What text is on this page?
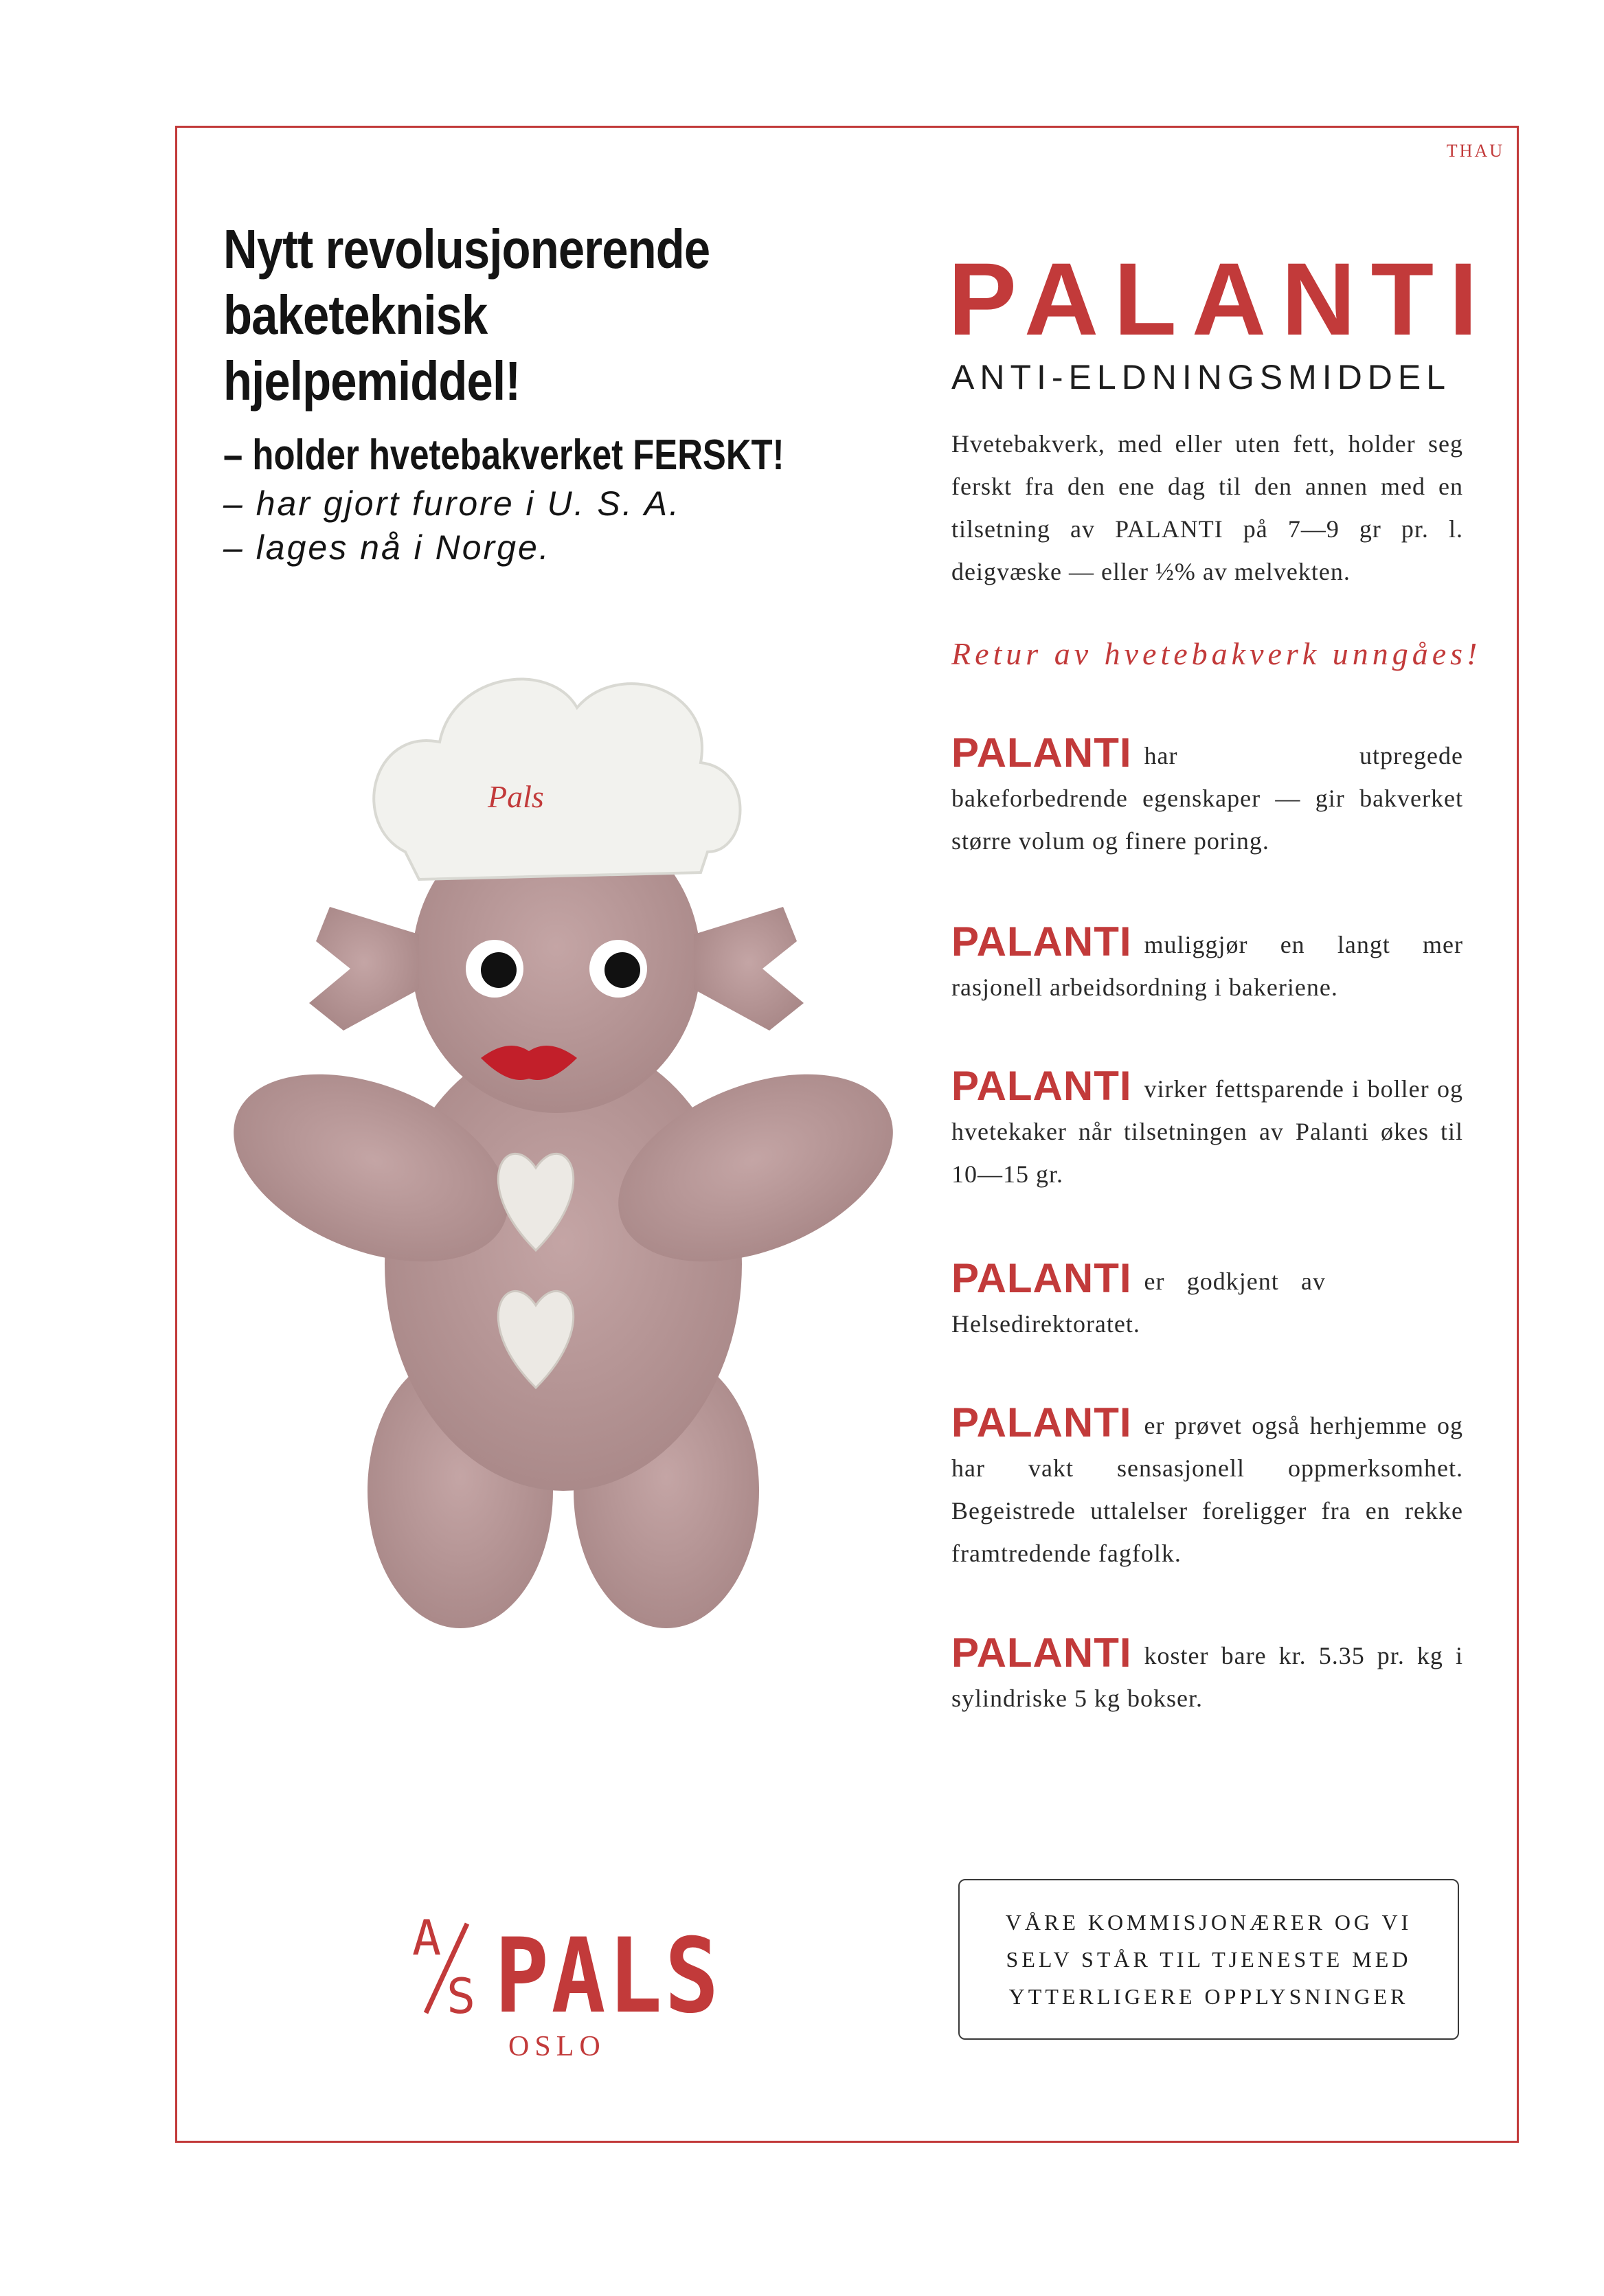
THAU
Nytt revolusjonerende
baketeknisk hjelpemiddel!
– holder hvetebakverket FERSKT!
– har gjort furore i U. S. A.
– lages nå i Norge.
PALANTI
ANTI-ELDNINGSMIDDEL
Hvetebakverk, med eller uten fett, holder seg ferskt fra den ene dag til den annen med en tilsetning av PALANTI på 7—9 gr pr. l. deigvæske — eller ½% av melvekten.
Retur av hvetebakverk unngåes!
PALANTI har utpregede bakeforbedrende egenskaper — gir bakverket større volum og finere poring.
PALANTI muliggjør en langt mer rasjonell arbeidsordning i bakeriene.
PALANTI virker fettsparende i boller og hvetekaker når tilsetningen av Palanti økes til 10—15 gr.
PALANTI er godkjent av Helsedirektoratet.
PALANTI er prøvet også herhjemme og har vakt sensasjonell oppmerksomhet. Begeistrede uttalelser foreligger fra en rekke framtredende fagfolk.
PALANTI koster bare kr. 5.35 pr. kg i sylindriske 5 kg bokser.
Pals
A
S PALS
OSLO
VÅRE KOMMISJONÆRER OG VI
SELV STÅR TIL TJENESTE MED
YTTERLIGERE OPPLYSNINGER
